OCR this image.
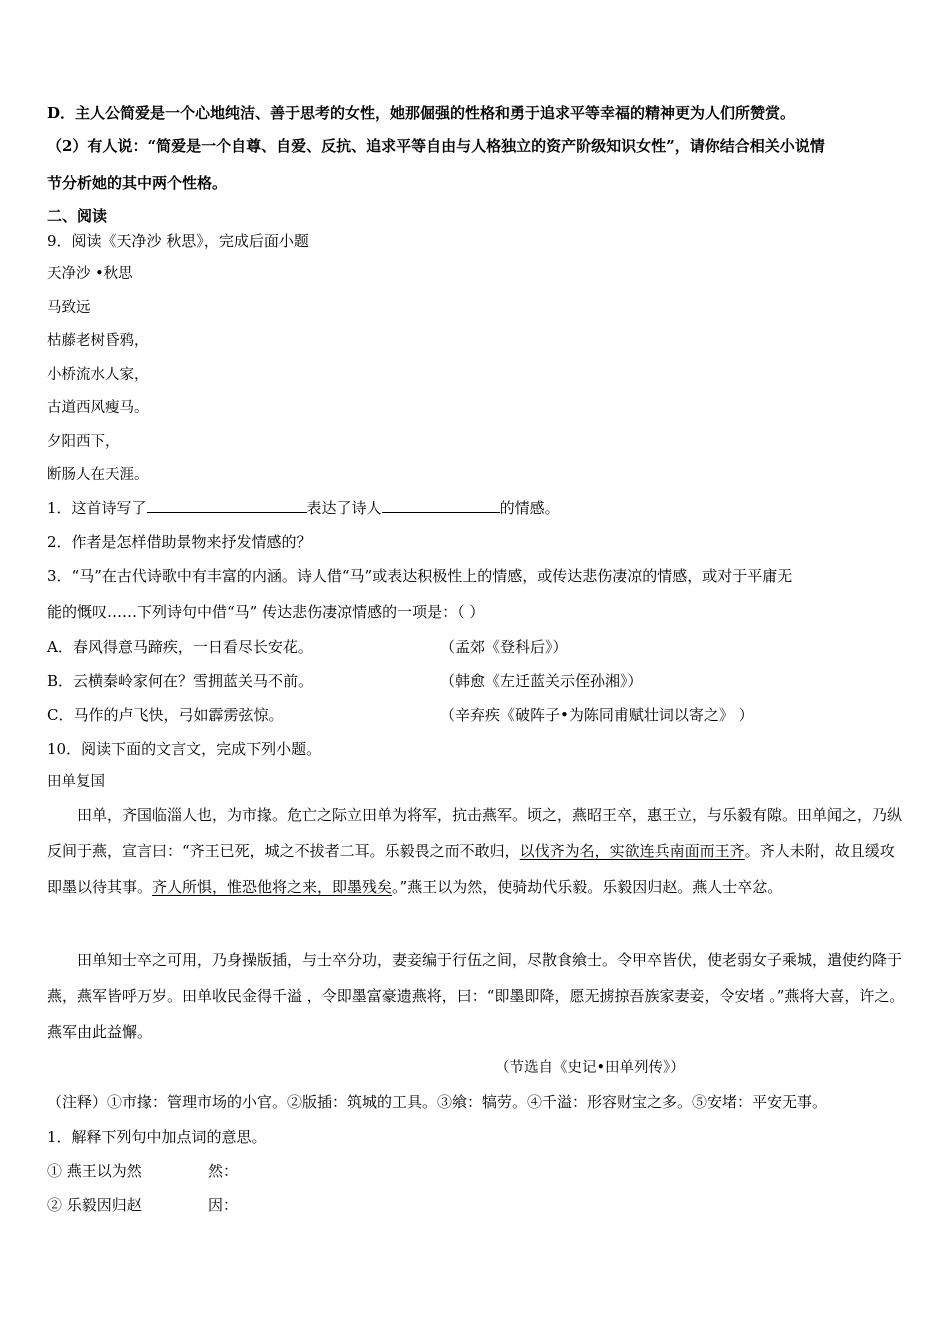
D．主人公简爱是一个心地纯洁、善于思考的女性，她那倔强的性格和勇于追求平等幸福的精神更为人们所赞赏。
（2）有人说：“简爱是一个自尊、自爱、反抗、追求平等自由与人格独立的资产阶级知识女性”，请你结合相关小说情
节分析她的其中两个性格。
二、阅读
9．阅读《天净沙 秋思》，完成后面小题
天净沙 •秋思
马致远
枯藤老树昏鸦，
小桥流水人家，
古道西风瘦马。
夕阳西下，
断肠人在天涯。
1．这首诗写了	表达了诗人	的情感。
2．作者是怎样借助景物来抒发情感的？
3．“马”在古代诗歌中有丰富的内涵。诗人借“马”或表达积极性上的情感，或传达悲伤凄凉的情感，或对于平庸无
能的慨叹……下列诗句中借“马” 传达悲伤凄凉情感的一项是：（ ）
A．春风得意马蹄疾，一日看尽长安花。	（孟郊《登科后》）
B．云横秦岭家何在？雪拥蓝关马不前。	（韩愈《左迁蓝关示侄孙湘》）
C．马作的卢飞快，弓如霹雳弦惊。	（辛弃疾《破阵子•为陈同甫赋壮词以寄之》 ）
10．阅读下面的文言文，完成下列小题。
田单复国
田单，齐国临淄人也，为市掾。危亡之际立田单为将军，抗击燕军。顷之，燕昭王卒，惠王立，与乐毅有隙。田单闻之，乃纵反间于燕，宣言曰：“齐王已死，城之不拔者二耳。乐毅畏之而不敢归，以伐齐为名，实欲连兵南面而王齐。齐人未附，故且缓攻即墨以待其事。齐人所惧，惟恐他将之来，即墨残矣。”燕王以为然，使骑劫代乐毅。乐毅因归赵。燕人士卒忿。
田单知士卒之可用，乃身操版插，与士卒分功，妻妾编于行伍之间，尽散食飨士。令甲卒皆伏，使老弱女子乘城，遣使约降于燕，燕军皆呼万岁。田单收民金得千溢 ，令即墨富豪遗燕将，曰：“即墨即降，愿无掳掠吾族家妻妾，令安堵 。”燕将大喜，许之。燕军由此益懈。
（节选自《史记•田单列传》）
（注释）①市掾：管理市场的小官。②版插：筑城的工具。③飨：犒劳。④千溢：形容财宝之多。⑤安堵：平安无事。
1．解释下列句中加点词的意思。
① 燕王以为然	然：
② 乐毅因归赵	因：
